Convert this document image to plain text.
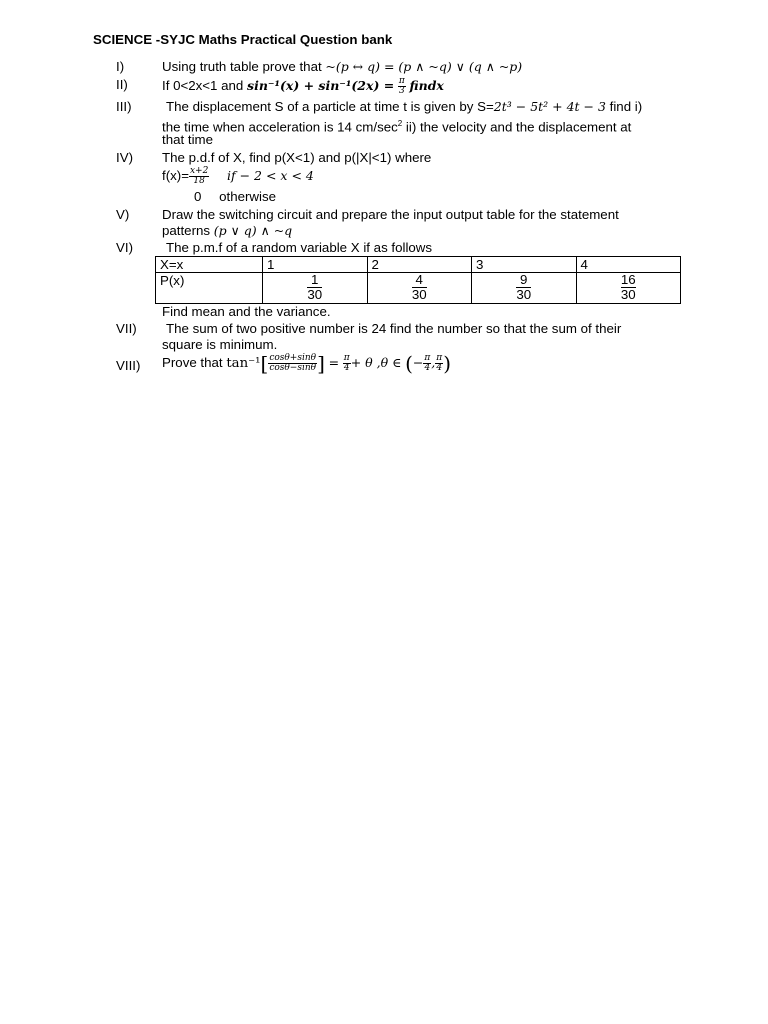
SCIENCE -SYJC Maths Practical Question bank
I)	Using truth table prove that ~(p ↔ q) = (p ∧ ~q) ∨ (q ∧ ~p)
II)	If 0<2x<1 and $\sin^{-1}(x) + \sin^{-1}(2x) = \frac{\pi}{3}$ findx
III)	The displacement S of a particle at time t is given by S=2t³ − 5t² + 4t − 3 find i)
the time when acceleration is 14 $cm/\sec^2$ ii) the velocity and the displacement at
that time
IV) The p.d.f of X, find p(X<1) and p(|X|<1) where
$f(x)= \frac{x+2}{18}$ if − 2 < x < 4
0 otherwise
V) Draw the switching circuit and prepare the input output table for the statement
patterns (p ∨ q) ∧ ~q
VI) The p.m.f of a random variable X if as follows
X=x	1	2	3	4
P(x)	$\frac{1}{30}$	$\frac{4}{30}$	$\frac{9}{30}$	$\frac{16}{30}$
Find mean and the variance.
VII) The sum of two positive number is 24 find the number so that the sum of their
square is minimum.
VIII) Prove that $\tan^{-1}[ \frac{\cos\theta+\sin\theta}{\cos\theta-\sin\theta}$ ] = $\frac{\pi}{4} + \theta$ ,θ ∈ (− $\frac{\pi}{4}$ , $\frac{\pi}{4}$ )
